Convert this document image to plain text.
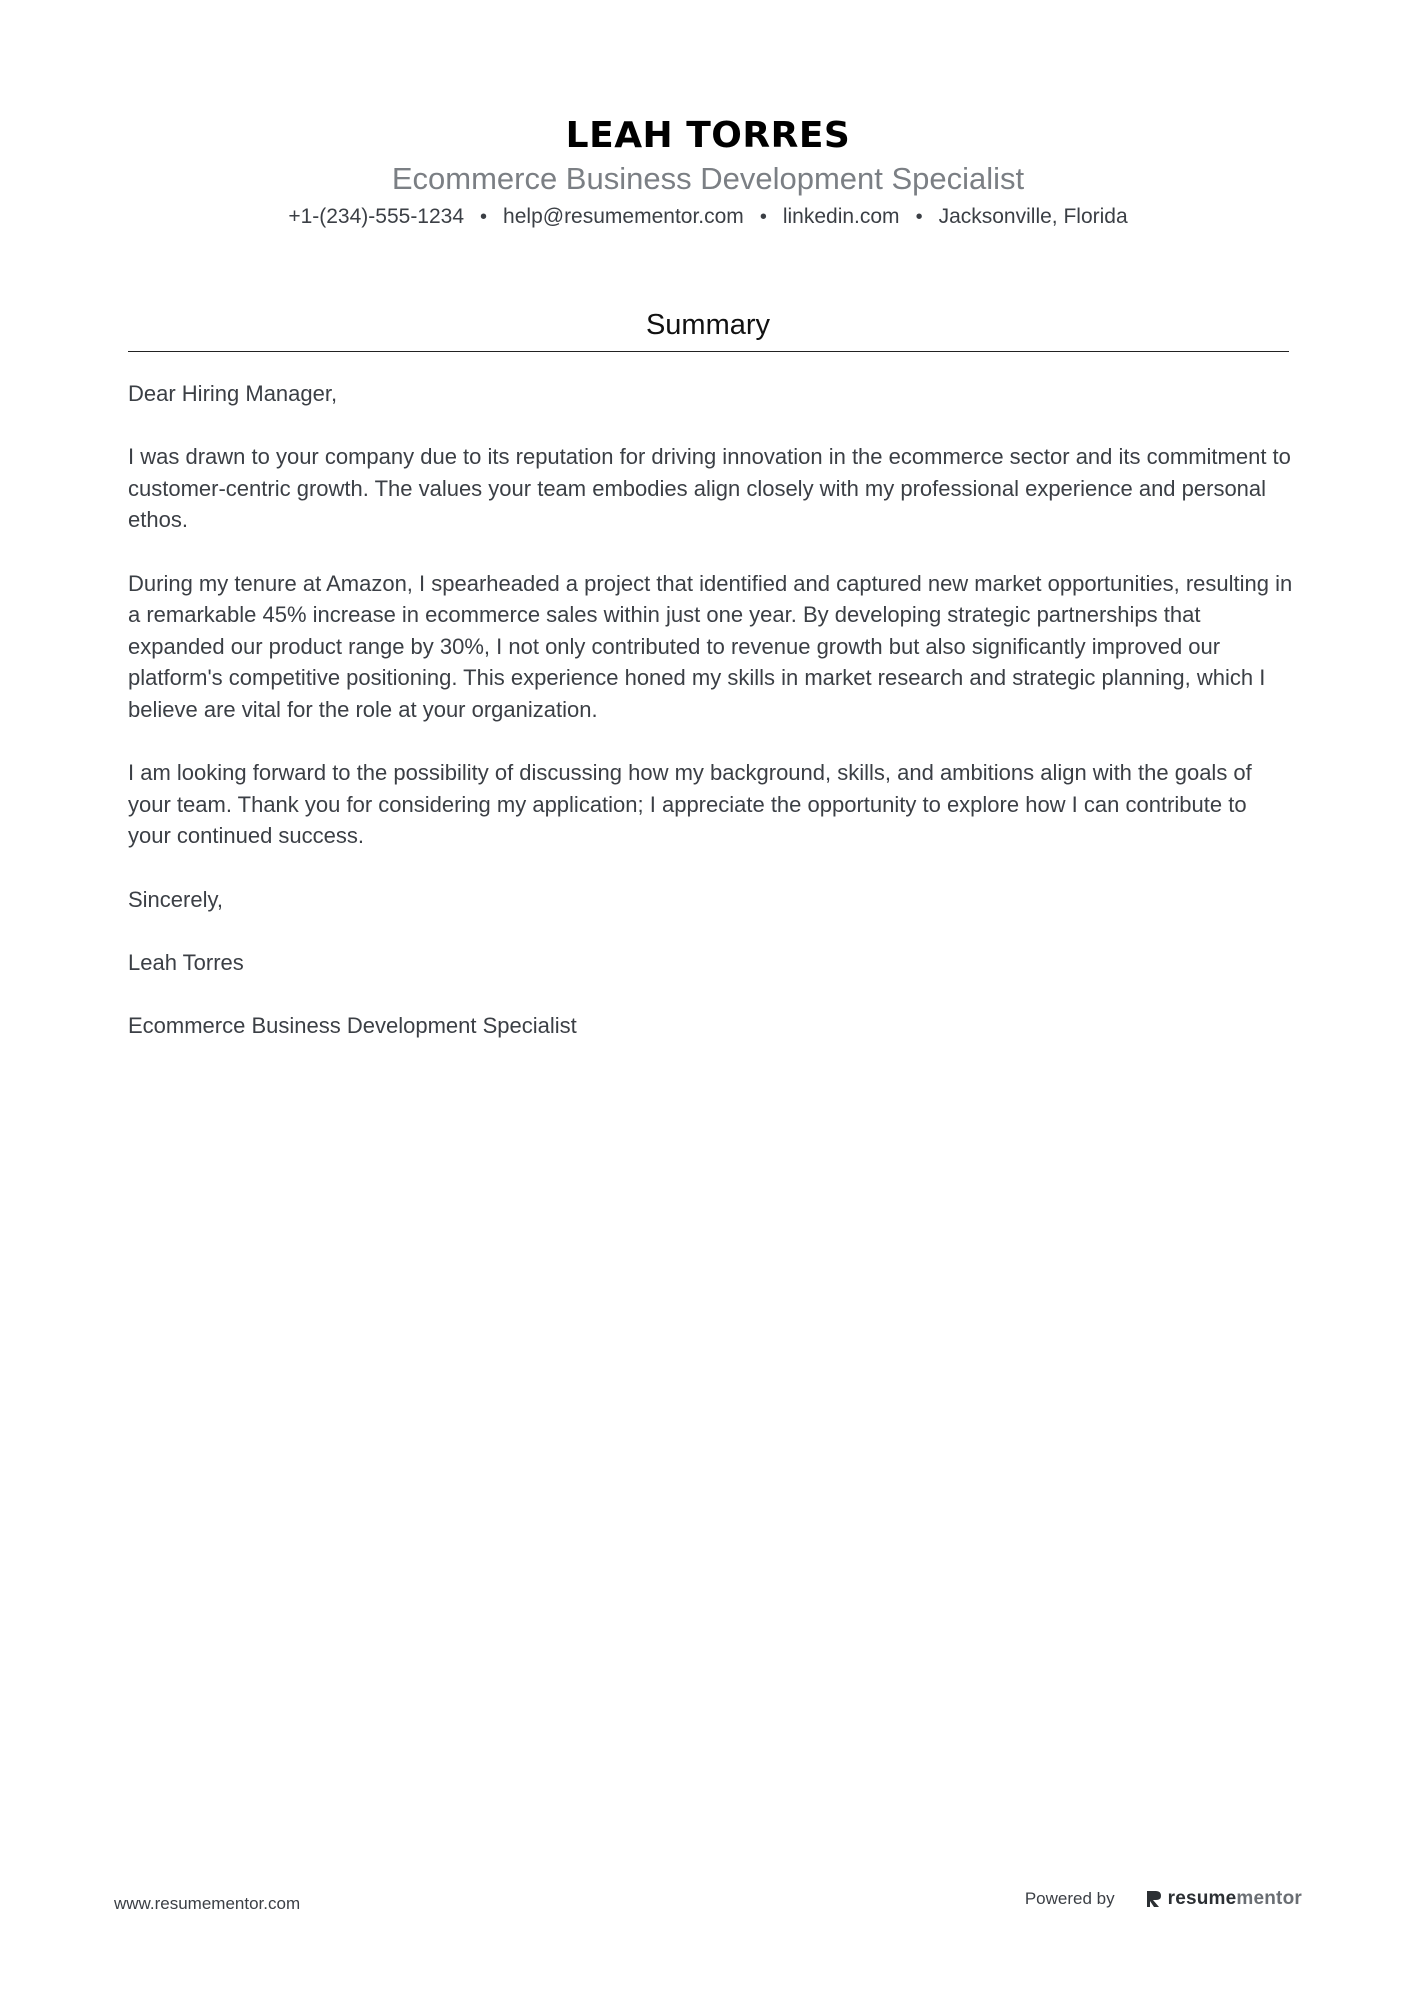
LEAH TORRES
Ecommerce Business Development Specialist
+1-(234)-555-1234 • help@resumementor.com • linkedin.com • Jacksonville, Florida
Summary

Dear Hiring Manager,

I was drawn to your company due to its reputation for driving innovation in the ecommerce sector and its commitment to customer-centric growth. The values your team embodies align closely with my professional experience and personal ethos.

During my tenure at Amazon, I spearheaded a project that identified and captured new market opportunities, resulting in a remarkable 45% increase in ecommerce sales within just one year. By developing strategic partnerships that expanded our product range by 30%, I not only contributed to revenue growth but also significantly improved our platform's competitive positioning. This experience honed my skills in market research and strategic planning, which I believe are vital for the role at your organization.

I am looking forward to the possibility of discussing how my background, skills, and ambitions align with the goals of your team. Thank you for considering my application; I appreciate the opportunity to explore how I can contribute to your continued success.

Sincerely,

Leah Torres

Ecommerce Business Development Specialist

www.resumementor.com	Powered by	resume mentor
